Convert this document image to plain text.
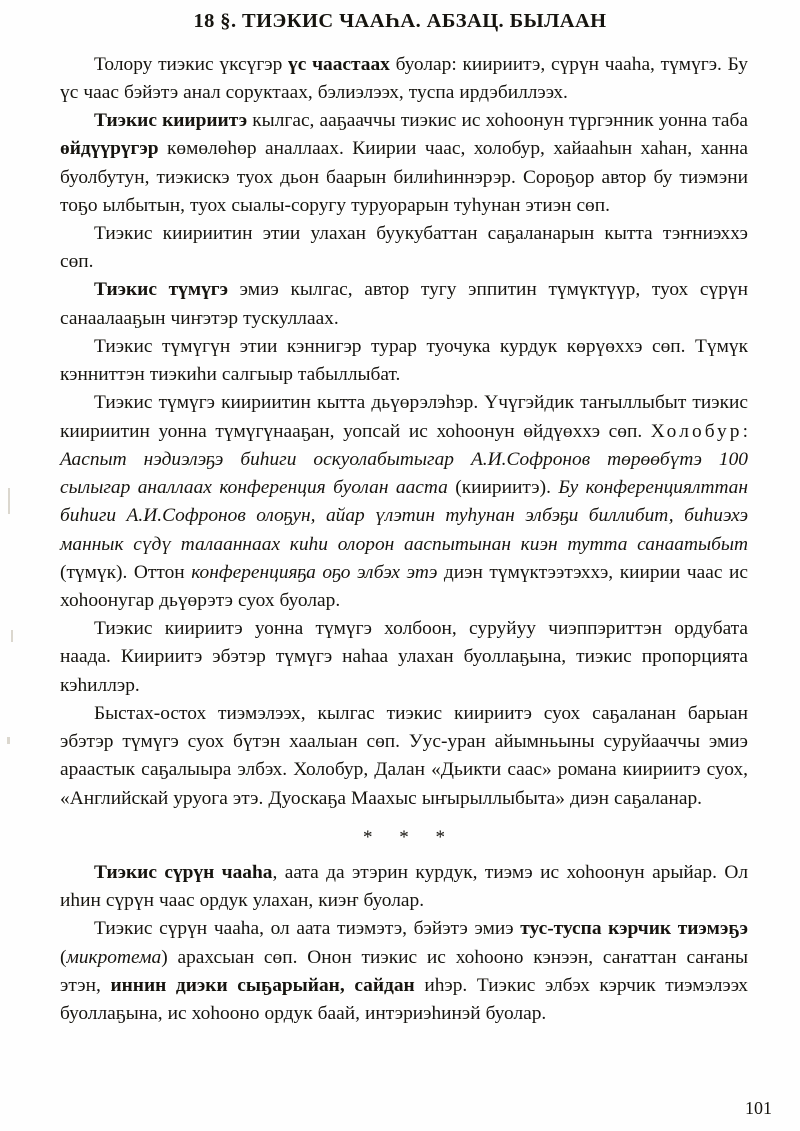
18 §. ТИЭКИС ЧААҺА. АБЗАЦ. БЫЛААН

Толору тиэкис үксүгэр үс чаастаах буолар: киириитэ, сүрүн чааһа, түмүгэ. Бу үс чаас бэйэтэ анал соруктаах, бэлиэлээх, туспа ирдэбиллээх.

Тиэкис киириитэ кылгас, ааҕааччы тиэкис ис хоһоонун түргэнник уонна таба өйдүүрүгэр көмөлөһөр аналлаах. Киирии чаас, холобур, хайааһын хаһан, ханна буолбутун, тиэкискэ туох дьон баарын билиһиннэрэр. Сороҕор автор бу тиэмэни тоҕо ылбытын, туох сыалы-соругу туруорарын туһунан этиэн сөп.

Тиэкис киириитин этии улахан буукубаттан саҕаланарын кытта тэҥниэххэ сөп.

Тиэкис түмүгэ эмиэ кылгас, автор тугу эппитин түмүктүүр, туох сүрүн санаалааҕын чиҥэтэр тускуллаах.

Тиэкис түмүгүн этии кэннигэр турар туочука курдук көрүөххэ сөп. Түмүк кэнниттэн тиэкиһи салгыыр табыллыбат.

Тиэкис түмүгэ киириитин кытта дьүөрэлэһэр. Үчүгэйдик таҥыллыбыт тиэкис киириитин уонна түмүгүнааҕан, уопсай ис хоһоонун өйдүөххэ сөп. Холобур: Ааспыт нэдиэлэҕэ биһиги оскуолабытыгар А.И.Софронов төрөөбүтэ 100 сылыгар аналлаах конференция буолан ааста (киириитэ). Бу конференциялттан биһиги А.И.Софронов олоҕун, айар үлэтин туһунан элбэҕи биллибит, биһиэхэ маннык сүдү талааннаах киһи олорон ааспытынан киэн тутта санаатыбыт (түмүк). Оттон конференцияҕа оҕо элбэх этэ диэн түмүктээтэххэ, киирии чаас ис хоһоонугар дьүөрэтэ суох буолар.

Тиэкис киириитэ уонна түмүгэ холбоон, суруйуу чиэппэриттэн ордубата наада. Киириитэ эбэтэр түмүгэ наһаа улахан буоллаҕына, тиэкис пропорциятa кэһиллэр.

Быстах-остох тиэмэлээх, кылгас тиэкис киириитэ суох саҕаланан барыан эбэтэр түмүгэ суох бүтэн хаалыан сөп. Уус-уран айымньыны суруйааччы эмиэ араастык саҕалыыра элбэх. Холобур, Далан «Дьикти саас» романа киириитэ суох, «Английскай уруога этэ. Дуоскаҕа Маахыс ыҥырыллыбыта» диэн саҕаланар.

* * *

Тиэкис сүрүн чааһа, аата да этэрин курдук, тиэмэ ис хоһоонун арыйар. Ол иһин сүрүн чаас ордук улахан, киэҥ буолар.

Тиэкис сүрүн чааһа, ол аата тиэмэтэ, бэйэтэ эмиэ тус-туспа кэрчик тиэмэҕэ (микротема) арахсыан сөп. Онон тиэкис ис хоһооно кэнээн, саҥаттан саҥаны этэн, иннин диэки сыҕарыйан, сайдан иһэр. Тиэкис элбэх кэрчик тиэмэлээх буоллаҕына, ис хоһооно ордук баай, интэриэһинэй буолар.

101
